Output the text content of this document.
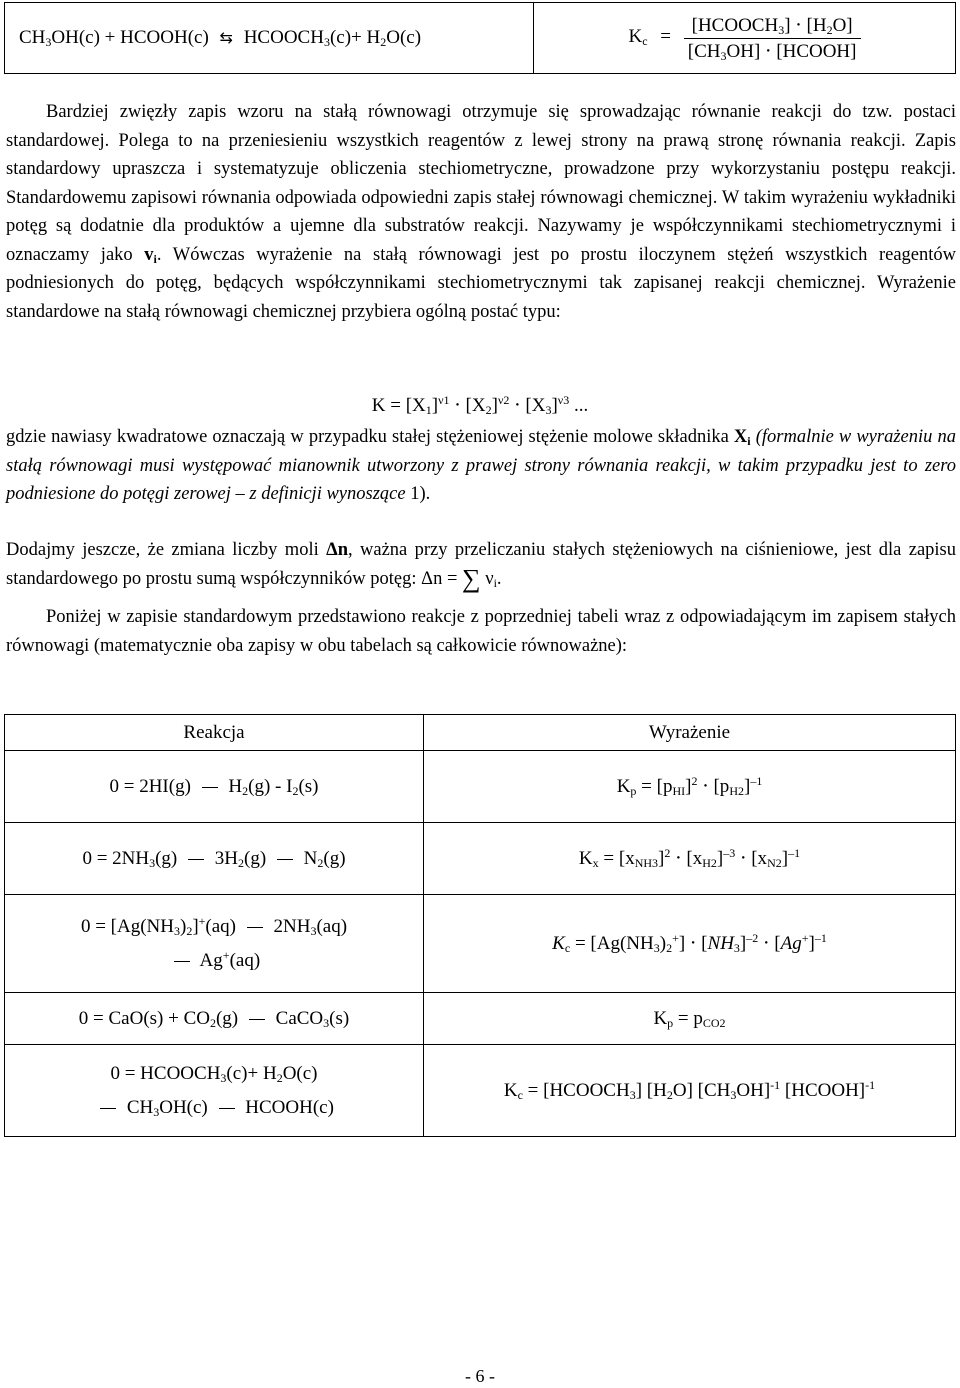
$CH_3OH(c)$ + HCOOH(c) ⇆ $HCOOCH_3(c)+ H_2O(c)$	$K_c = \frac{[HCOOCH_3] \cdot [H_2O]}{[CH_3OH] \cdot [HCOOH]}$

Bardziej zwięzły zapis wzoru na stałą równowagi otrzymuje się sprowadzając równanie reakcji do tzw. postaci standardowej. Polega to na przeniesieniu wszystkich reagentów z lewej strony na prawą stronę równania reakcji. Zapis standardowy upraszcza i systematyzuje obliczenia stechiometryczne, prowadzone przy wykorzystaniu postępu reakcji. Standardowemu zapisowi równania odpowiada odpowiedni zapis stałej równowagi chemicznej. W takim wyrażeniu wykładniki potęg są dodatnie dla produktów a ujemne dla substratów reakcji. Nazywamy je współczynnikami stechiometrycznymi i oznaczamy jako $v_i$. Wówczas wyrażenie na stałą równowagi jest po prostu iloczynem stężeń wszystkich reagentów podniesionych do potęg, będących współczynnikami stechiometrycznymi tak zapisanej reakcji chemicznej. Wyrażenie standardowe na stałą równowagi chemicznej przybiera ogólną postać typu:

$K = [X_1]^{\nu 1} \cdot [X_2]^{\nu 2} \cdot [X_3]^{\nu 3}$ ...

gdzie nawiasy kwadratowe oznaczają w przypadku stałej stężeniowej stężenie molowe składnika $X_i$ (formalnie w wyrażeniu na stałą równowagi musi występować mianownik utworzony z prawej strony równania reakcji, w takim przypadku jest to zero podniesione do potęgi zerowej – z definicji wynoszące 1).

Dodajmy jeszcze, że zmiana liczby moli Δn, ważna przy przeliczaniu stałych stężeniowych na ciśnieniowe, jest dla zapisu standardowego po prostu sumą współczynników potęg: Δn = ∑ $\nu_i$.

Poniżej w zapisie standardowym przedstawiono reakcje z poprzedniej tabeli wraz z odpowiadającym im zapisem stałych równowagi (matematycznie oba zapisy w obu tabelach są całkowicie równoważne):

Reakcja	Wyrażenie
0 = 2HI(g)  $H_2(g) - I_2(s)$	$K_p = [p_{HI}]^2 \cdot [p_{H2}]^{-1}$
$0 = 2NH_3(g)$  $3H_2(g)$  $N_2(g)$	$K_x = [x_{NH3}]^2 \cdot [x_{H2}]^{-3} \cdot [x_{N2}]^{-1}$

$0 = [Ag(NH_3)_2]^+(aq)$  $2NH_3(aq)$
Ag+(aq)	$K_c = [Ag(NH_3)_2^+] \cdot [NH_3]^{-2} \cdot [Ag^+]^{-1}$
$0 = CaO(s) + CO_2(g)$  CaCO$_3$(s)	$K_p = p_{CO2}$

$0 = HCOOCH_3(c)+ H_2O(c)$
$CH_3OH(c)$  HCOOH(c)	$K_c$ = $[HCOOCH_3]$ $[H_2O]$ $[CH_3OH]^{-1}$ [HCOOH]$^{-1}$
- 6 -
